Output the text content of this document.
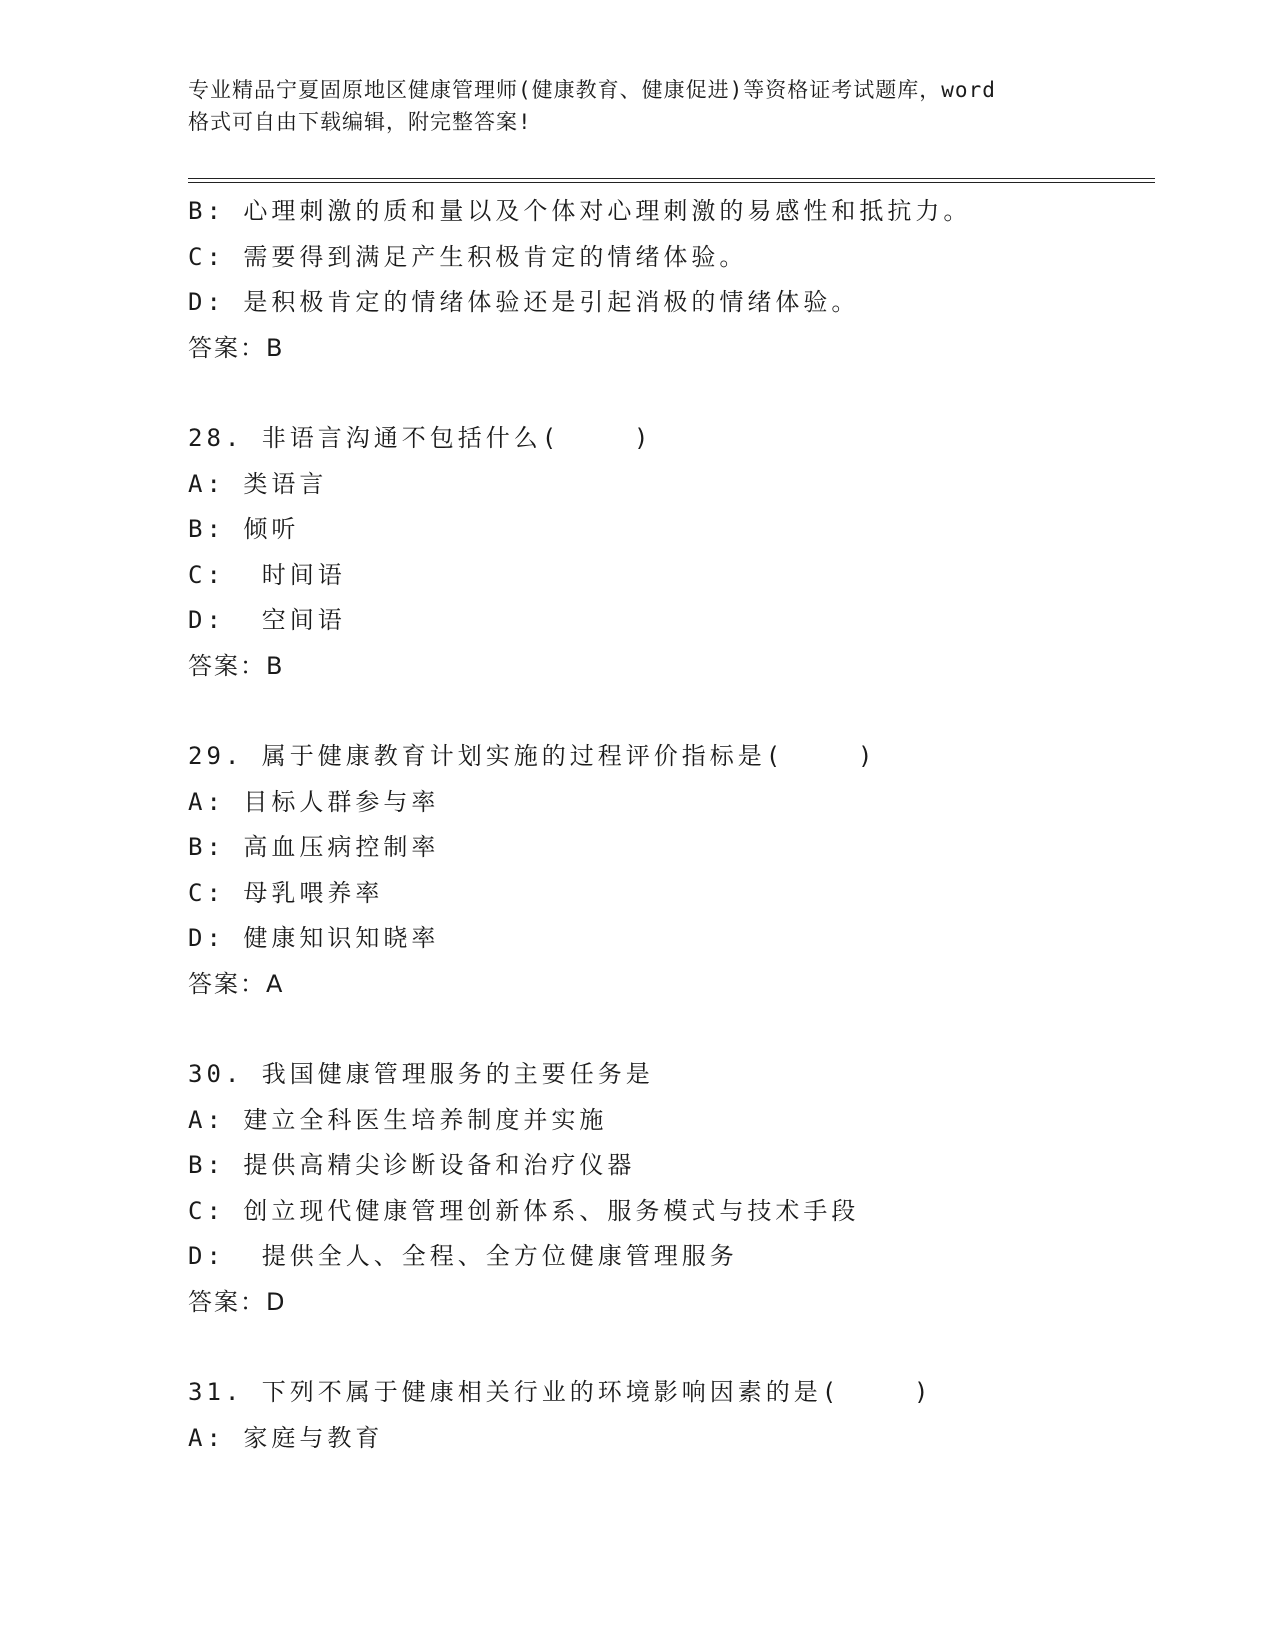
专业精品宁夏固原地区健康管理师(健康教育、健康促进)等资格证考试题库，word
格式可自由下载编辑，附完整答案!
B: 心理刺激的质和量以及个体对心理刺激的易感性和抵抗力。
C: 需要得到满足产生积极肯定的情绪体验。
D: 是积极肯定的情绪体验还是引起消极的情绪体验。
答案：B
28. 非语言沟通不包括什么(    )
A: 类语言
B: 倾听
C:  时间语
D:  空间语
答案：B
29. 属于健康教育计划实施的过程评价指标是(    )
A: 目标人群参与率
B: 高血压病控制率
C: 母乳喂养率
D: 健康知识知晓率
答案：A
30. 我国健康管理服务的主要任务是
A: 建立全科医生培养制度并实施
B: 提供高精尖诊断设备和治疗仪器
C: 创立现代健康管理创新体系、服务模式与技术手段
D:  提供全人、全程、全方位健康管理服务
答案：D
31. 下列不属于健康相关行业的环境影响因素的是(    )
A: 家庭与教育
